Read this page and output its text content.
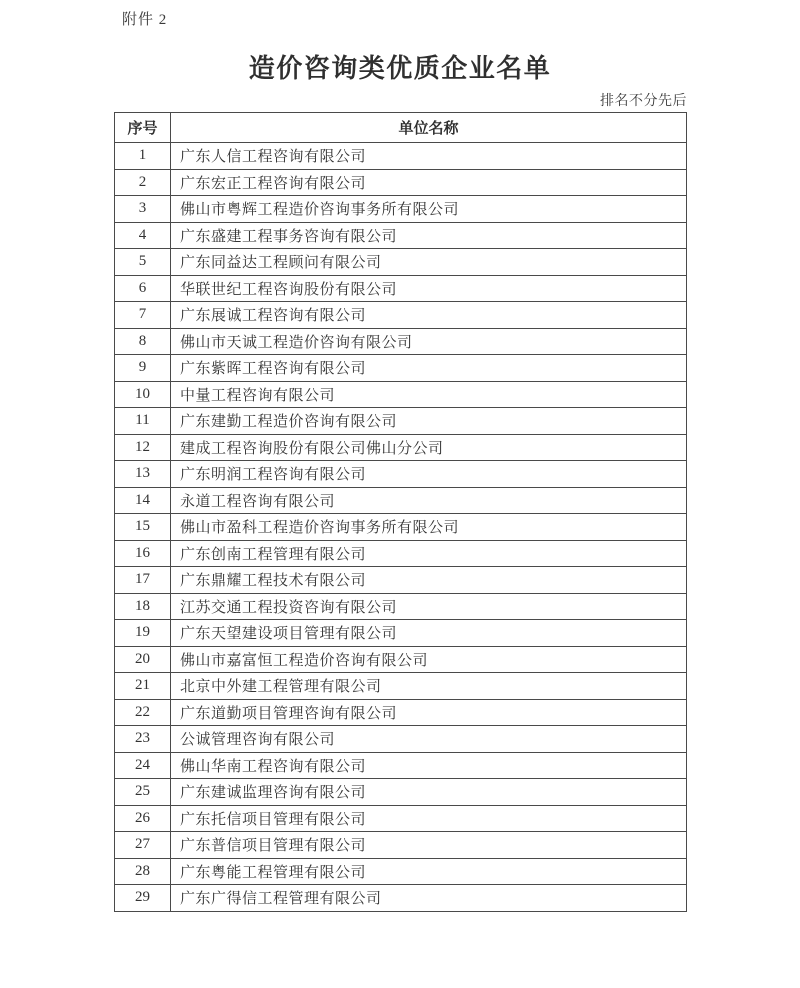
附件 2
造价咨询类优质企业名单
排名不分先后
序号	单位名称
1	广东人信工程咨询有限公司
2	广东宏正工程咨询有限公司
3	佛山市粤辉工程造价咨询事务所有限公司
4	广东盛建工程事务咨询有限公司
5	广东同益达工程顾问有限公司
6	华联世纪工程咨询股份有限公司
7	广东展诚工程咨询有限公司
8	佛山市天诚工程造价咨询有限公司
9	广东紫晖工程咨询有限公司
10	中量工程咨询有限公司
11	广东建勤工程造价咨询有限公司
12	建成工程咨询股份有限公司佛山分公司
13	广东明润工程咨询有限公司
14	永道工程咨询有限公司
15	佛山市盈科工程造价咨询事务所有限公司
16	广东创南工程管理有限公司
17	广东鼎耀工程技术有限公司
18	江苏交通工程投资咨询有限公司
19	广东天望建设项目管理有限公司
20	佛山市嘉富恒工程造价咨询有限公司
21	北京中外建工程管理有限公司
22	广东道勤项目管理咨询有限公司
23	公诚管理咨询有限公司
24	佛山华南工程咨询有限公司
25	广东建诚监理咨询有限公司
26	广东托信项目管理有限公司
27	广东普信项目管理有限公司
28	广东粤能工程管理有限公司
29	广东广得信工程管理有限公司
